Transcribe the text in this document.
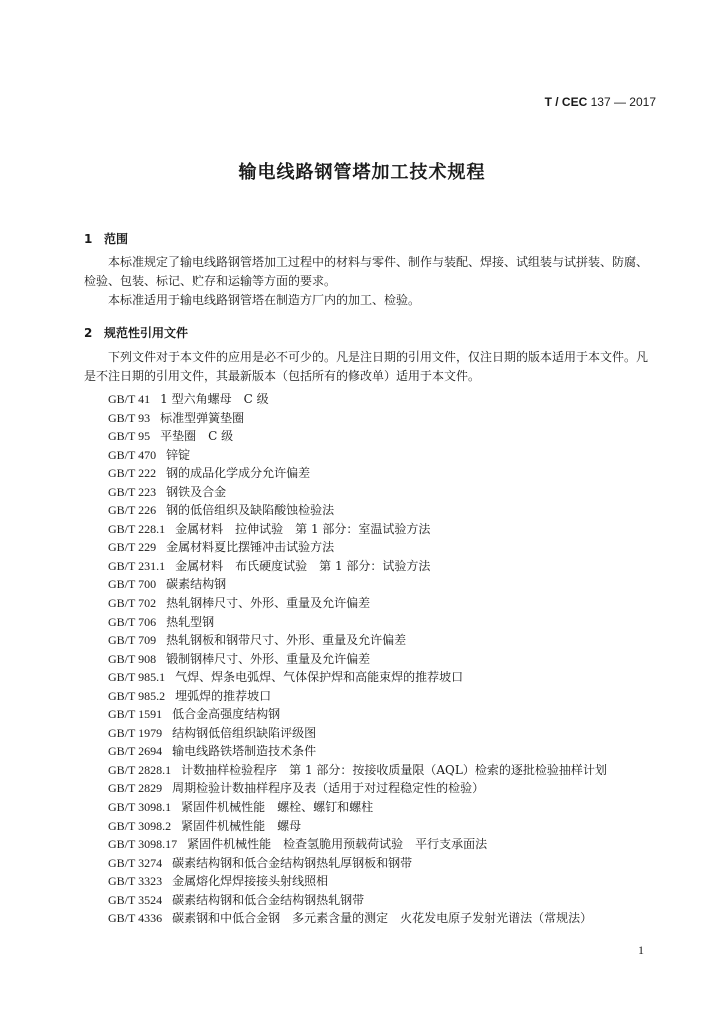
T / CEC 137 — 2017
输电线路钢管塔加工技术规程
1 范围

本标准规定了输电线路钢管塔加工过程中的材料与零件、制作与装配、焊接、试组装与试拼装、防腐、检验、包装、标记、贮存和运输等方面的要求。

本标准适用于输电线路钢管塔在制造方厂内的加工、检验。

2 规范性引用文件

下列文件对于本文件的应用是必不可少的。凡是注日期的引用文件，仅注日期的版本适用于本文件。凡是不注日期的引用文件，其最新版本（包括所有的修改单）适用于本文件。

GB/T 41 1 型六角螺母　C 级
GB/T 93 标准型弹簧垫圈
GB/T 95 平垫圈　C 级
GB/T 470 锌锭
GB/T 222 钢的成品化学成分允许偏差
GB/T 223 钢铁及合金
GB/T 226 钢的低倍组织及缺陷酸蚀检验法
GB/T 228.1 金属材料　拉伸试验　第 1 部分：室温试验方法
GB/T 229 金属材料夏比摆锤冲击试验方法
GB/T 231.1 金属材料　布氏硬度试验　第 1 部分：试验方法
GB/T 700 碳素结构钢
GB/T 702 热轧钢棒尺寸、外形、重量及允许偏差
GB/T 706 热轧型钢
GB/T 709 热轧钢板和钢带尺寸、外形、重量及允许偏差
GB/T 908 锻制钢棒尺寸、外形、重量及允许偏差
GB/T 985.1 气焊、焊条电弧焊、气体保护焊和高能束焊的推荐坡口
GB/T 985.2 埋弧焊的推荐坡口
GB/T 1591 低合金高强度结构钢
GB/T 1979 结构钢低倍组织缺陷评级图
GB/T 2694 输电线路铁塔制造技术条件
GB/T 2828.1 计数抽样检验程序　第 1 部分：按接收质量限（AQL）检索的逐批检验抽样计划
GB/T 2829 周期检验计数抽样程序及表（适用于对过程稳定性的检验）
GB/T 3098.1 紧固件机械性能　螺栓、螺钉和螺柱
GB/T 3098.2 紧固件机械性能　螺母
GB/T 3098.17 紧固件机械性能　检查氢脆用预载荷试验　平行支承面法
GB/T 3274 碳素结构钢和低合金结构钢热轧厚钢板和钢带
GB/T 3323 金属熔化焊焊接接头射线照相
GB/T 3524 碳素结构钢和低合金结构钢热轧钢带
GB/T 4336 碳素钢和中低合金钢　多元素含量的测定　火花发电原子发射光谱法（常规法）
1
